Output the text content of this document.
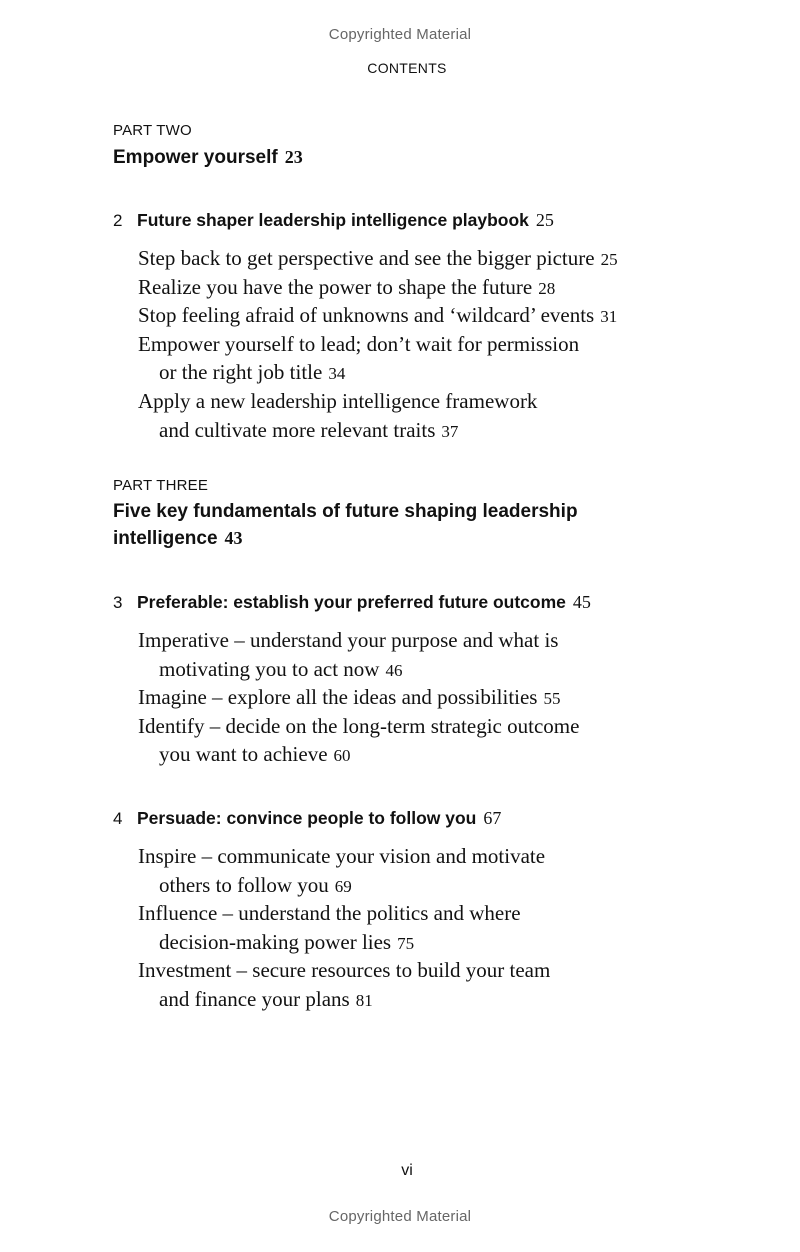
Copyrighted Material
CONTENTS
PART TWO
Empower yourself 23
2 Future shaper leadership intelligence playbook 25
Step back to get perspective and see the bigger picture 25
Realize you have the power to shape the future 28
Stop feeling afraid of unknowns and ‘wildcard’ events 31
Empower yourself to lead; don’t wait for permission
or the right job title 34
Apply a new leadership intelligence framework
and cultivate more relevant traits 37
PART THREE
Five key fundamentals of future shaping leadership
intelligence 43
3 Preferable: establish your preferred future outcome 45
Imperative – understand your purpose and what is
motivating you to act now 46
Imagine – explore all the ideas and possibilities 55
Identify – decide on the long-term strategic outcome
you want to achieve 60
4 Persuade: convince people to follow you 67
Inspire – communicate your vision and motivate
others to follow you 69
Influence – understand the politics and where
decision-making power lies 75
Investment – secure resources to build your team
and finance your plans 81
vi
Copyrighted Material
